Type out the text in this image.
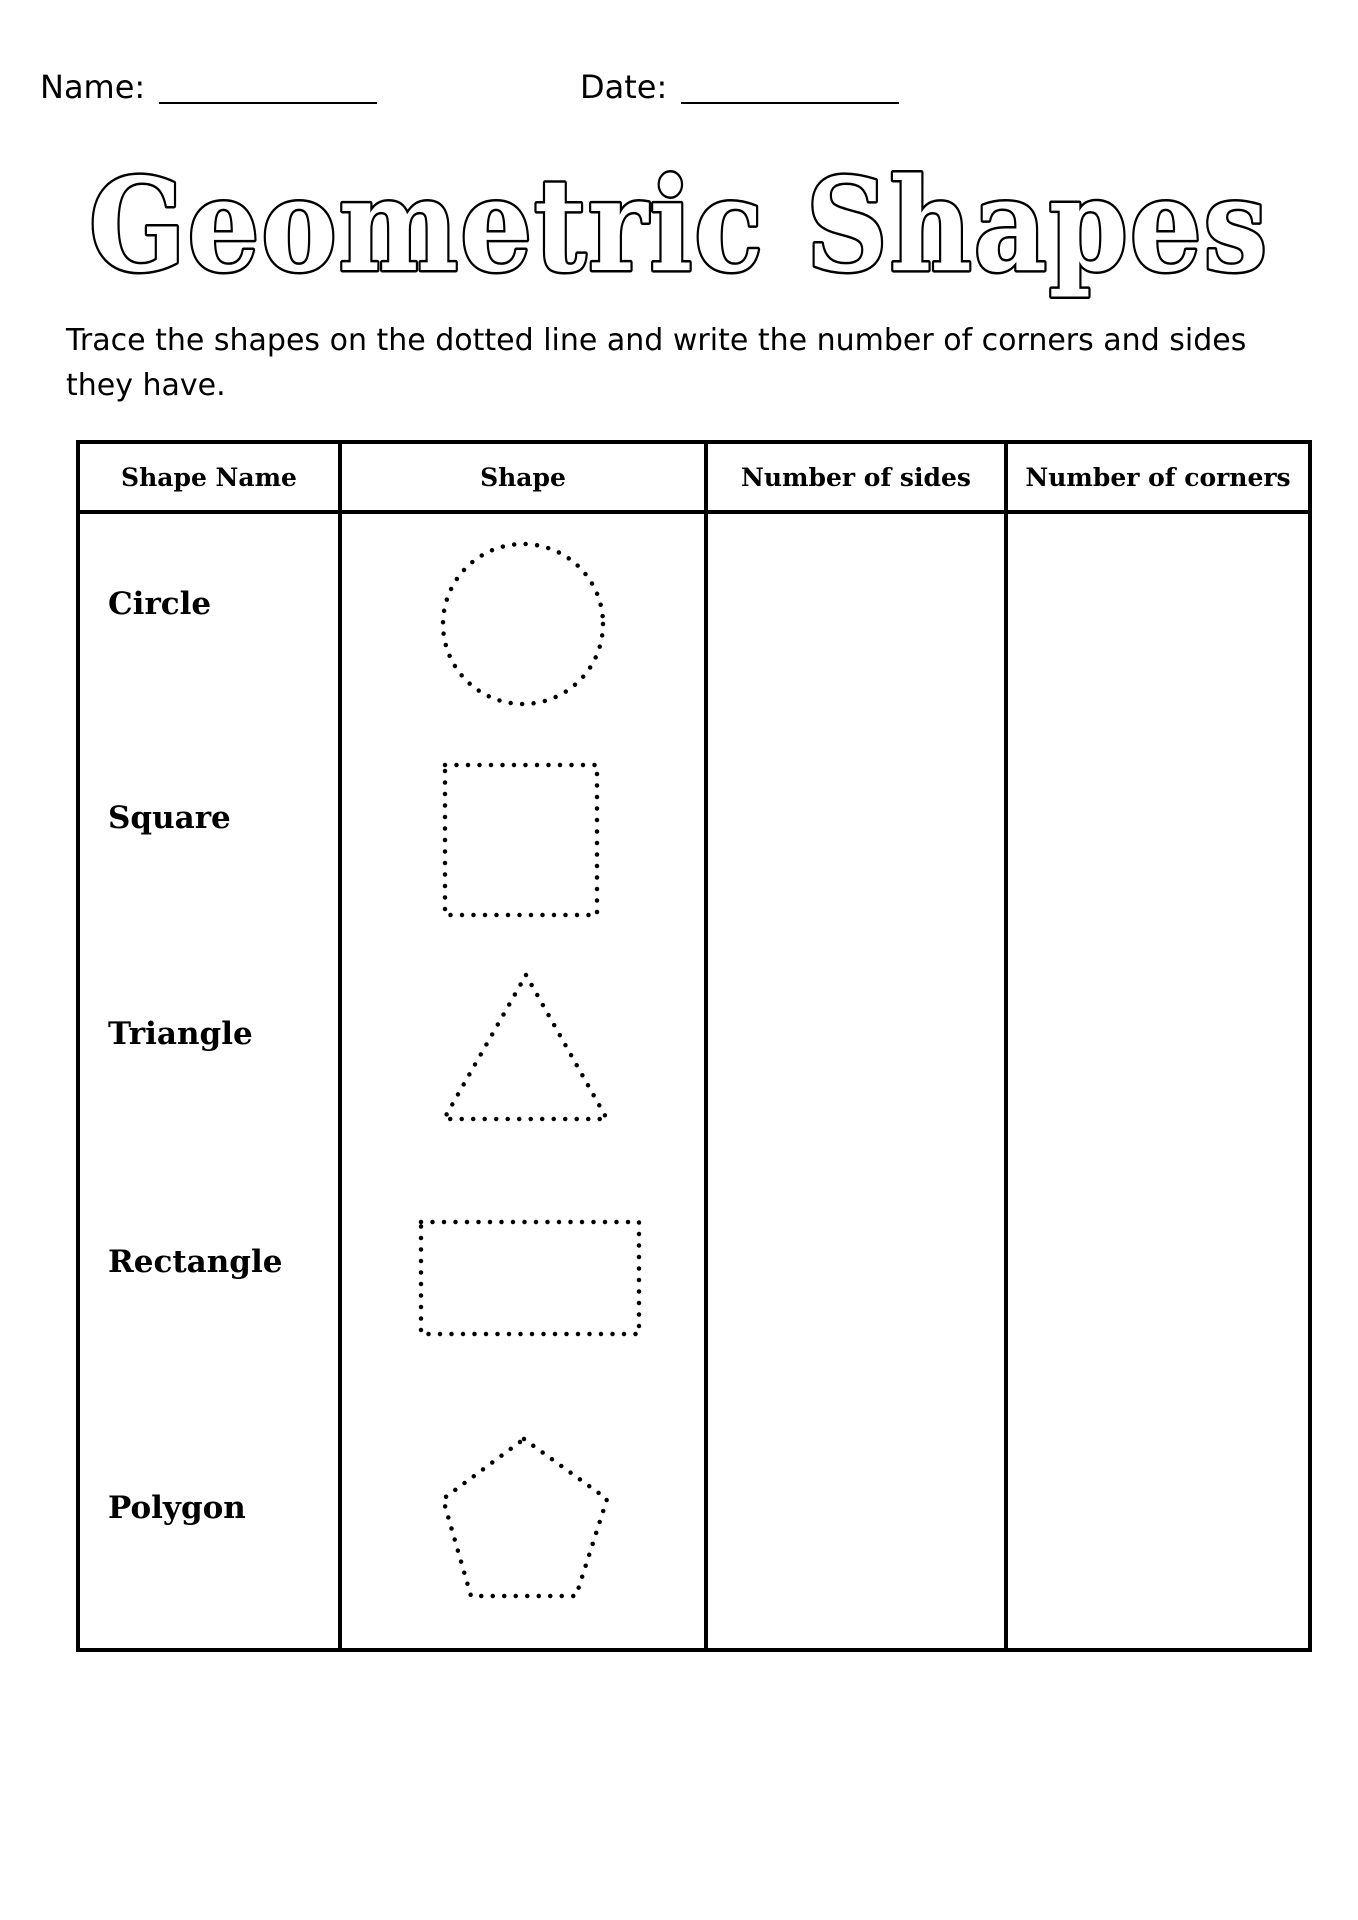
Name:	Date:
Geometric Shapes
Trace the shapes on the dotted line and write the number of corners and sides they have.
Shape Name	Shape	Number of sides	Number of corners
Circle
Square
Triangle
Rectangle
Polygon
